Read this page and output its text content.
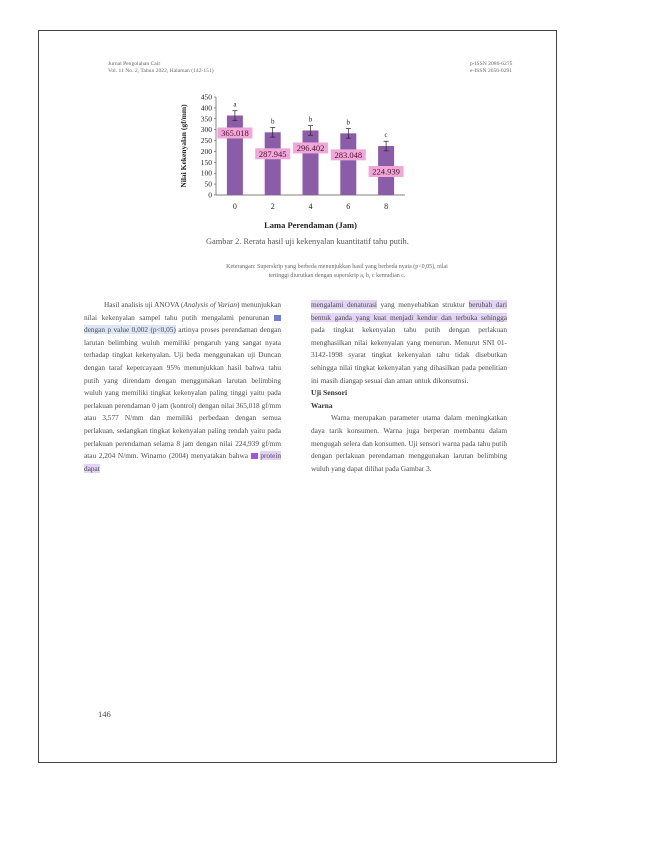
Jurnal Pengolahan Cair
Vol. 11 No. 2, Tahun 2022, Halaman (142-151)
p-ISSN 2086-6275
e-ISSN 2656-0291
0
50
100
150
200
250
300
350
400
450
Nilai Kekenyalan (gf/mm)	a
0
365.018
b
2
287.945
b
4
296.402
b
6
283.048
c
8
224.939
Lama Perendaman (Jam)
Gambar 2. Rerata hasil uji kekenyalan kuantitatif tahu putih.
Keterangan: Superskrip yang berbeda menunjukkan hasil yang berbeda nyata (p<0,05), nilai
tertinggi diurutkan dengan superskrip a, b, c kemudian c.

Hasil analisis uji ANOVA (Analysis of Varian) menunjukkan nilai kekenyalan sampel tahu putih mengalami penurunan	24 dengan p value 0,002 (p<0,05) artinya proses perendaman dengan larutan belimbing wuluh memiliki pengaruh yang sangat nyata terhadap tingkat kekenyalan. Uji beda menggunakan uji Duncan dengan taraf kepercayaan 95% menunjukkan hasil bahwa tahu putih yang direndam dengan menggunakan larutan belimbing wuluh yang memiliki tingkat kekenyalan paling tinggi yaitu pada perlakuan perendaman 0 jam (kontrol) dengan nilai 365,018 gf/mm atau 3,577 N/mm dan memiliki perbedaan dengan semua perlakuan, sedangkan tingkat kekenyalan paling rendah yaitu pada perlakuan perendaman selama 8 jam dengan nilai 224,939 gf/mm atau 2,204 N/mm. Winarno (2004) menyatakan bahwa  protein dapat

mengalami denaturasi yang menyebabkan struktur berubah dari bentuk ganda yang kuat menjadi kendur dan terbuka sehingga pada tingkat kekenyalan tahu putih dengan perlakuan menghasilkan nilai kekenyalan yang menurun. Menurut SNI 01-3142-1998 syarat tingkat kekenyalan tahu tidak disebutkan sehingga nilai tingkat kekenyalan yang dihasilkan pada penelitian ini masih diangap sesuai dan aman untuk dikonsumsi.

Uji Sensori

Warna

Warna merupakan parameter utama dalam meningkatkan daya tarik konsumen. Warna juga berperan membantu dalam mengugah selera dan konsumen. Uji sensori warna pada tahu putih dengan perlakuan perendaman menggunakan larutan belimbing wuluh yang dapat dilihat pada Gambar 3.

146
